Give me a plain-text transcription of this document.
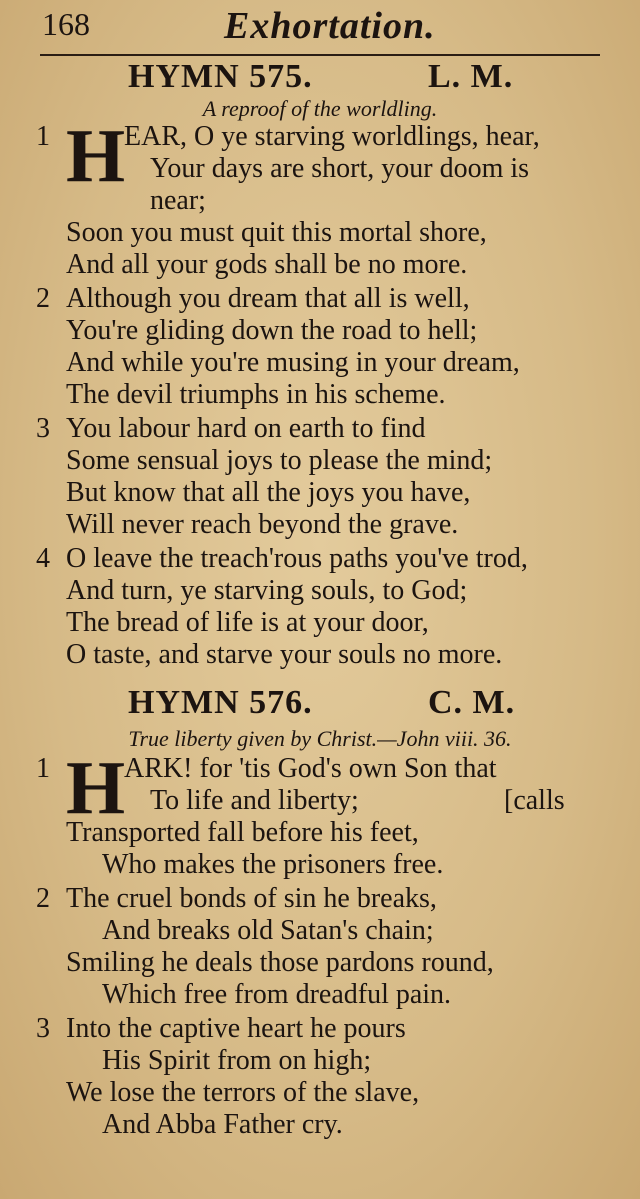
168	Exhortation.
HYMN 575.	L. M.
A reproof of the worldling.
1 H
EAR, O ye starving worldlings, hear,
Your days are short, your doom is
near;
Soon you must quit this mortal shore,
And all your gods shall be no more.
2 Although you dream that all is well,
You're gliding down the road to hell;
And while you're musing in your dream,
The devil triumphs in his scheme.
3 You labour hard on earth to find
Some sensual joys to please the mind;
But know that all the joys you have,
Will never reach beyond the grave.
4 O leave the treach'rous paths you've trod,
And turn, ye starving souls, to God;
The bread of life is at your door,
O taste, and starve your souls no more.
HYMN 576.	C. M.
True liberty given by Christ.—John viii. 36.
1 H
ARK! for 'tis God's own Son that
To life and liberty;	[calls
Transported fall before his feet,
Who makes the prisoners free.
2 The cruel bonds of sin he breaks,
And breaks old Satan's chain;
Smiling he deals those pardons round,
Which free from dreadful pain.
3 Into the captive heart he pours
His Spirit from on high;
We lose the terrors of the slave,
And Abba Father cry.
